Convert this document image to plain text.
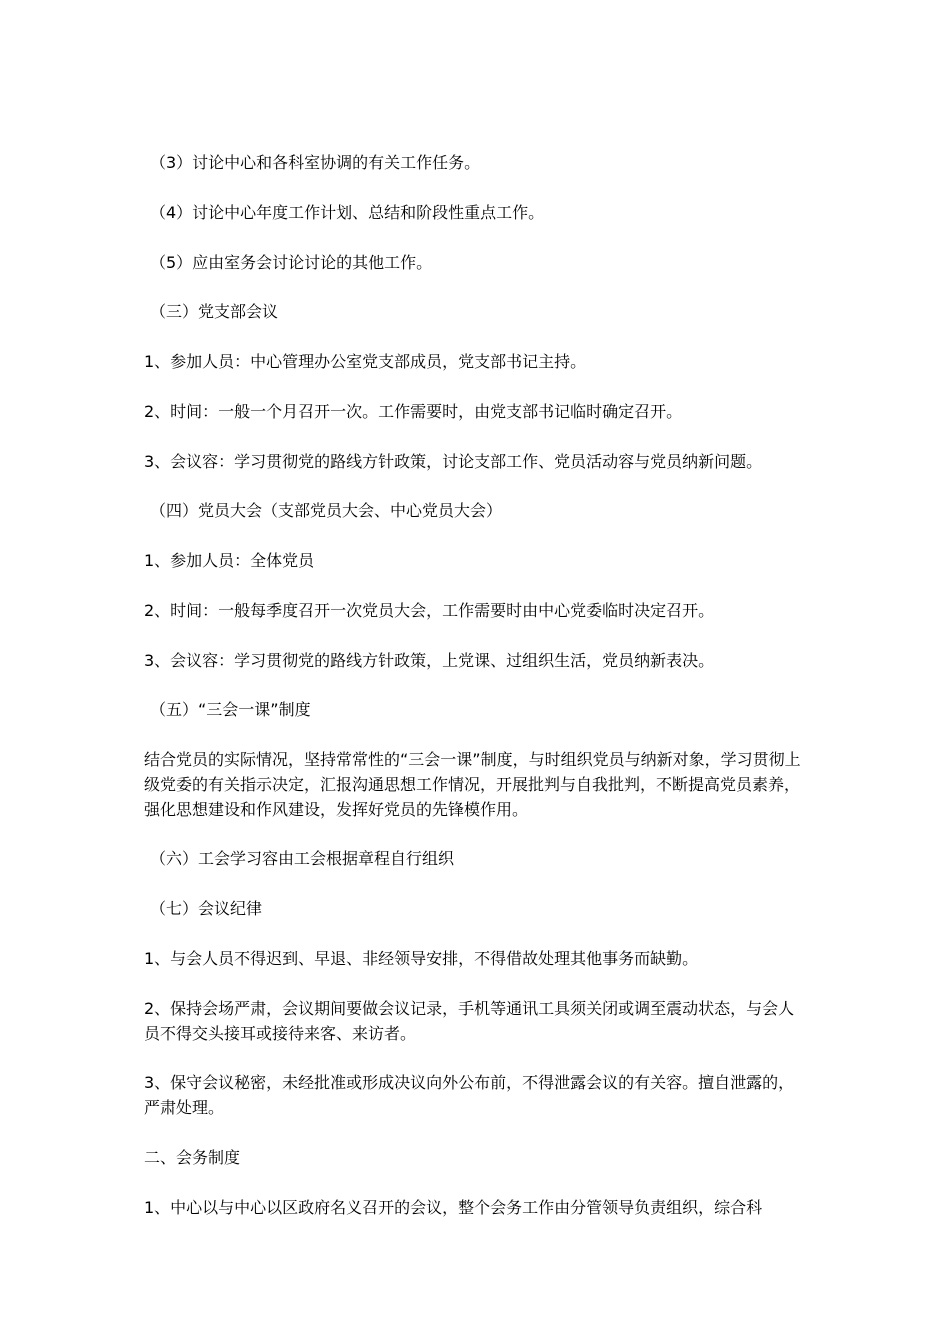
（3）讨论中心和各科室协调的有关工作任务。

（4）讨论中心年度工作计划、总结和阶段性重点工作。

（5）应由室务会讨论讨论的其他工作。

（三）党支部会议

1、参加人员：中心管理办公室党支部成员，党支部书记主持。

2、时间：一般一个月召开一次。工作需要时，由党支部书记临时确定召开。

3、会议容：学习贯彻党的路线方针政策，讨论支部工作、党员活动容与党员纳新问题。

（四）党员大会（支部党员大会、中心党员大会）

1、参加人员：全体党员

2、时间：一般每季度召开一次党员大会，工作需要时由中心党委临时决定召开。

3、会议容：学习贯彻党的路线方针政策，上党课、过组织生活，党员纳新表决。

（五）“三会一课”制度

结合党员的实际情况，坚持常常性的“三会一课”制度，与时组织党员与纳新对象，学习贯彻上级党委的有关指示决定，汇报沟通思想工作情况，开展批判与自我批判，不断提高党员素养，强化思想建设和作风建设，发挥好党员的先锋模作用。

（六）工会学习容由工会根据章程自行组织

（七）会议纪律

1、与会人员不得迟到、早退、非经领导安排，不得借故处理其他事务而缺勤。

2、保持会场严肃，会议期间要做会议记录，手机等通讯工具须关闭或调至震动状态，与会人员不得交头接耳或接待来客、来访者。

3、保守会议秘密，未经批准或形成决议向外公布前，不得泄露会议的有关容。擅自泄露的，严肃处理。

二、会务制度

1、中心以与中心以区政府名义召开的会议，整个会务工作由分管领导负责组织，综合科
